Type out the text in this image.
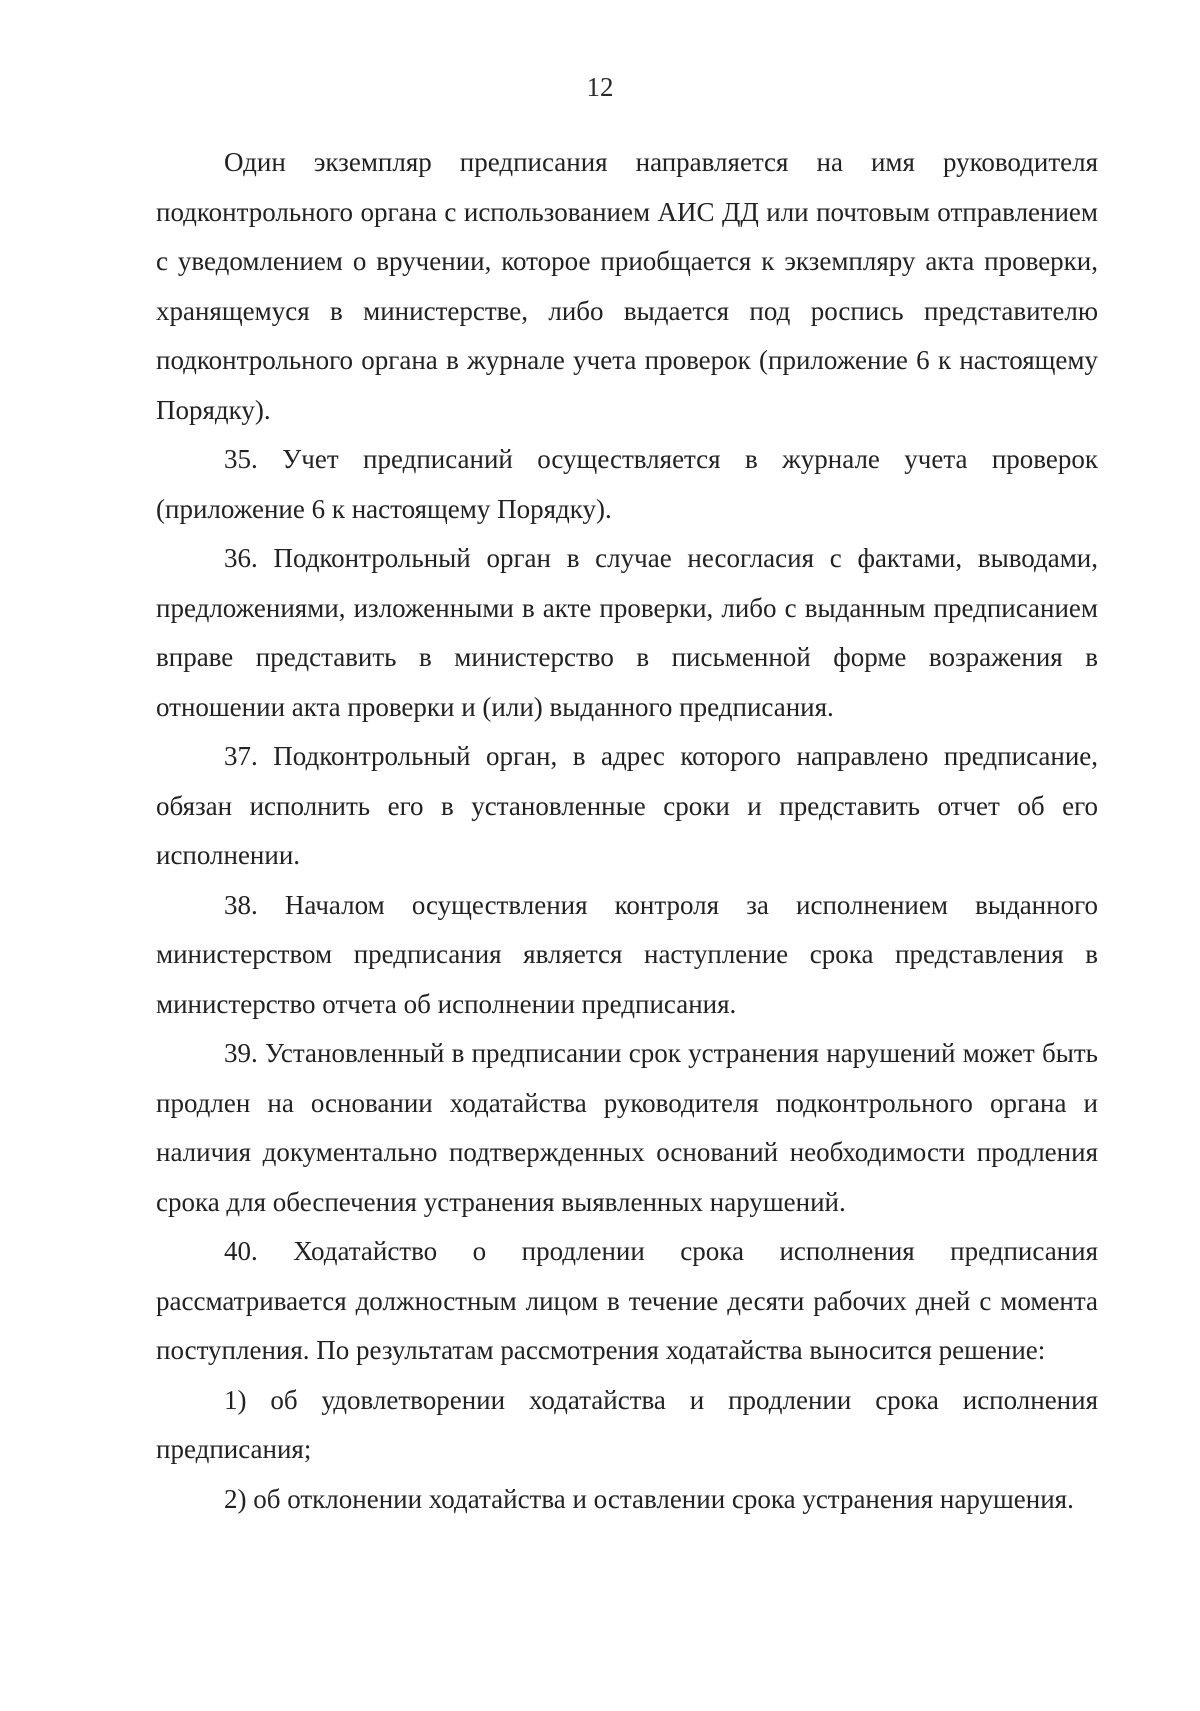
12

Один экземпляр предписания направляется на имя руководителя подконтрольного органа с использованием АИС ДД или почтовым отправлением с уведомлением о вручении, которое приобщается к экземпляру акта проверки, хранящемуся в министерстве, либо выдается под роспись представителю подконтрольного органа в журнале учета проверок (приложение 6 к настоящему Порядку).

35. Учет предписаний осуществляется в журнале учета проверок (приложение 6 к настоящему Порядку).

36. Подконтрольный орган в случае несогласия с фактами, выводами, предложениями, изложенными в акте проверки, либо с выданным предписанием вправе представить в министерство в письменной форме возражения в отношении акта проверки и (или) выданного предписания.

37. Подконтрольный орган, в адрес которого направлено предписание, обязан исполнить его в установленные сроки и представить отчет об его исполнении.

38. Началом осуществления контроля за исполнением выданного министерством предписания является наступление срока представления в министерство отчета об исполнении предписания.

39. Установленный в предписании срок устранения нарушений может быть продлен на основании ходатайства руководителя подконтрольного органа и наличия документально подтвержденных оснований необходимости продления срока для обеспечения устранения выявленных нарушений.

40. Ходатайство о продлении срока исполнения предписания рассматривается должностным лицом в течение десяти рабочих дней с момента поступления. По результатам рассмотрения ходатайства выносится решение:

1) об удовлетворении ходатайства и продлении срока исполнения предписания;

2) об отклонении ходатайства и оставлении срока устранения нарушения.
